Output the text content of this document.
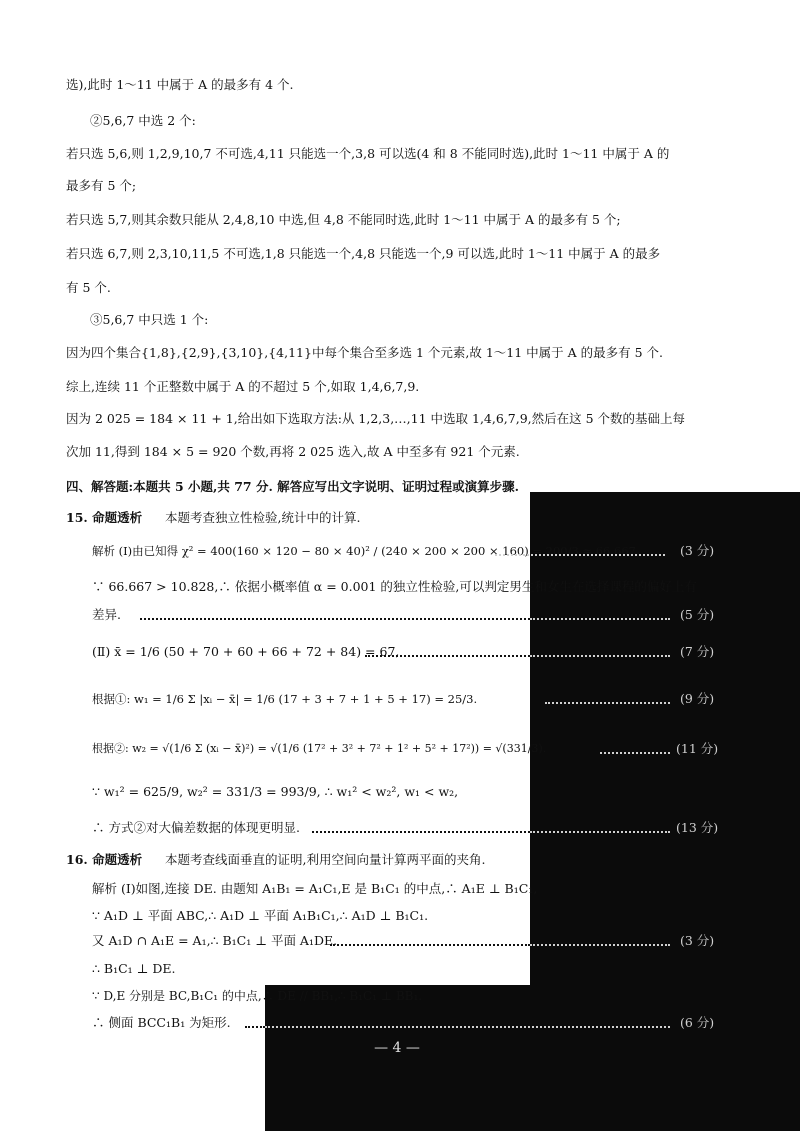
选),此时 1～11 中属于 A 的最多有 4 个.
②5,6,7 中选 2 个:
若只选 5,6,则 1,2,9,10,7 不可选,4,11 只能选一个,3,8 可以选(4 和 8 不能同时选),此时 1～11 中属于 A 的
最多有 5 个;
若只选 5,7,则其余数只能从 2,4,8,10 中选,但 4,8 不能同时选,此时 1～11 中属于 A 的最多有 5 个;
若只选 6,7,则 2,3,10,11,5 不可选,1,8 只能选一个,4,8 只能选一个,9 可以选,此时 1～11 中属于 A 的最多
有 5 个.
③5,6,7 中只选 1 个:
因为四个集合{1,8},{2,9},{3,10},{4,11}中每个集合至多选 1 个元素,故 1～11 中属于 A 的最多有 5 个.
综上,连续 11 个正整数中属于 A 的不超过 5 个,如取 1,4,6,7,9.
因为 2 025 = 184 × 11 + 1,给出如下选取方法:从 1,2,3,…,11 中选取 1,4,6,7,9,然后在这 5 个数的基础上每
次加 11,得到 184 × 5 = 920 个数,再将 2 025 选入,故 A 中至多有 921 个元素.
四、解答题:本题共 5 小题,共 77 分. 解答应写出文字说明、证明过程或演算步骤.
15. 命题透析 本题考查独立性检验,统计中的计算.
解析 (Ⅰ)由已知得 χ² = 400(160 × 120 − 80 × 40)² / (240 × 200 × 200 × 160) = 200/3 ≈ 66.667,	(3 分)
∵ 66.667 > 10.828,∴ 依据小概率值 α = 0.001 的独立性检验,可以判定男生和女生在选择课程的偏好上有
差异.	(5 分)
(Ⅱ) x̄ = 1/6 (50 + 70 + 60 + 66 + 72 + 84) = 67,	(7 分)
根据①: w₁ = 1/6 Σ |xᵢ − x̄| = 1/6 (17 + 3 + 7 + 1 + 5 + 17) = 25/3.	(9 分)
根据②: w₂ = √(1/6 Σ (xᵢ − x̄)²) = √(1/6 (17² + 3² + 7² + 1² + 5² + 17²)) = √(331/3).	(11 分)
∵ w₁² = 625/9, w₂² = 331/3 = 993/9, ∴ w₁² < w₂², w₁ < w₂,
∴ 方式②对大偏差数据的体现更明显.	(13 分)
16. 命题透析 本题考查线面垂直的证明,利用空间向量计算两平面的夹角.
解析 (Ⅰ)如图,连接 DE. 由题知 A₁B₁ = A₁C₁,E 是 B₁C₁ 的中点,∴ A₁E ⊥ B₁C₁,
∵ A₁D ⊥ 平面 ABC,∴ A₁D ⊥ 平面 A₁B₁C₁,∴ A₁D ⊥ B₁C₁.
又 A₁D ∩ A₁E = A₁,∴ B₁C₁ ⊥ 平面 A₁DE.	(3 分)
∴ B₁C₁ ⊥ DE.
∵ D,E 分别是 BC,B₁C₁ 的中点,∴ DE // BB₁,∴ B₁C₁ ⊥ BB₁.
∴ 侧面 BCC₁B₁ 为矩形.	(6 分)
— 4 —
